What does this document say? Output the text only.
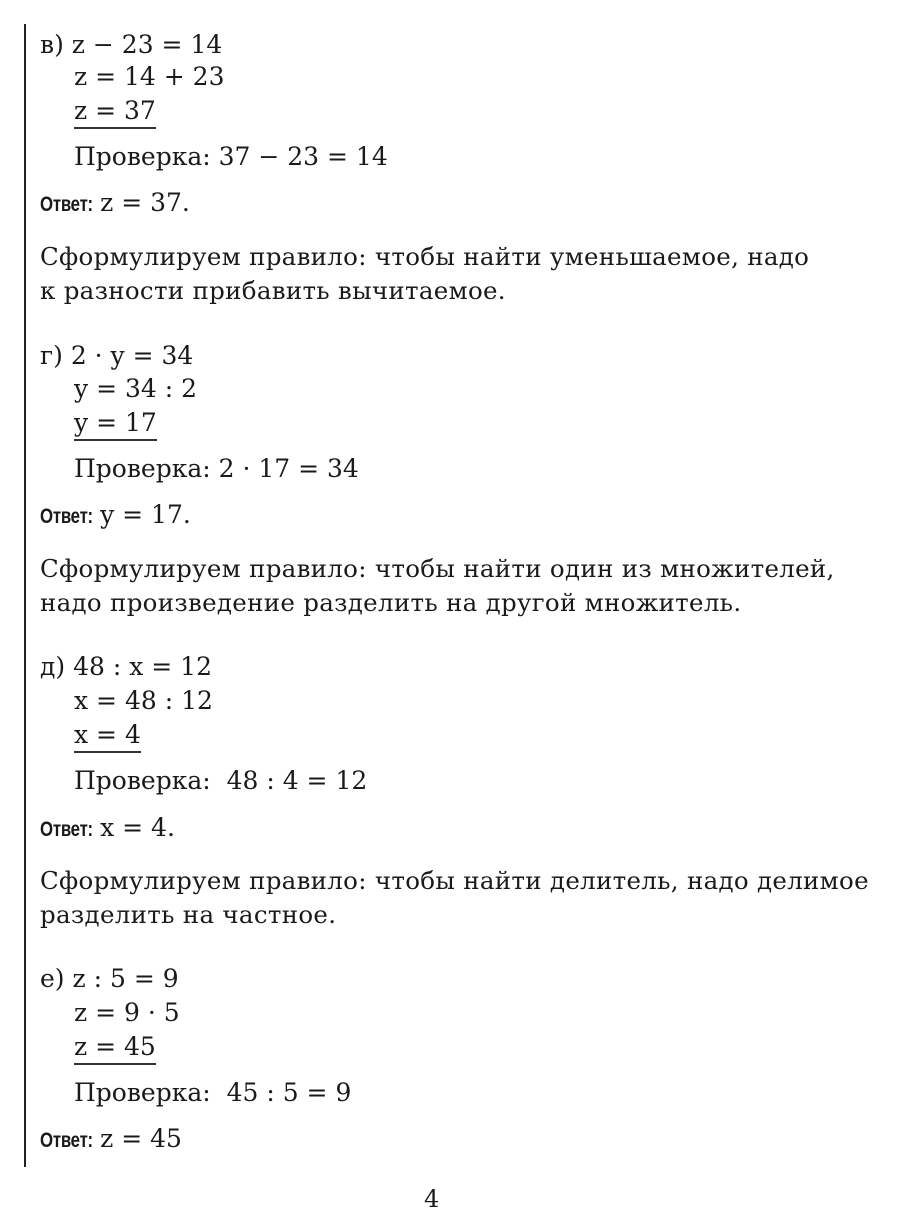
в) z − 23 = 14
z = 14 + 23
z = 37
Проверка: 37 − 23 = 14
Ответ: z = 37.
Сформулируем правило: чтобы найти уменьшаемое, надо
к разности прибавить вычитаемое.
г) 2 · y = 34
y = 34 : 2
y = 17
Проверка: 2 · 17 = 34
Ответ: y = 17.
Сформулируем правило: чтобы найти один из множителей,
надо произведение разделить на другой множитель.
д) 48 : x = 12
x = 48 : 12
x = 4
Проверка:  48 : 4 = 12
Ответ: x = 4.
Сформулируем правило: чтобы найти делитель, надо делимое
разделить на частное.
е) z : 5 = 9
z = 9 · 5
z = 45
Проверка:  45 : 5 = 9
Ответ: z = 45
4
